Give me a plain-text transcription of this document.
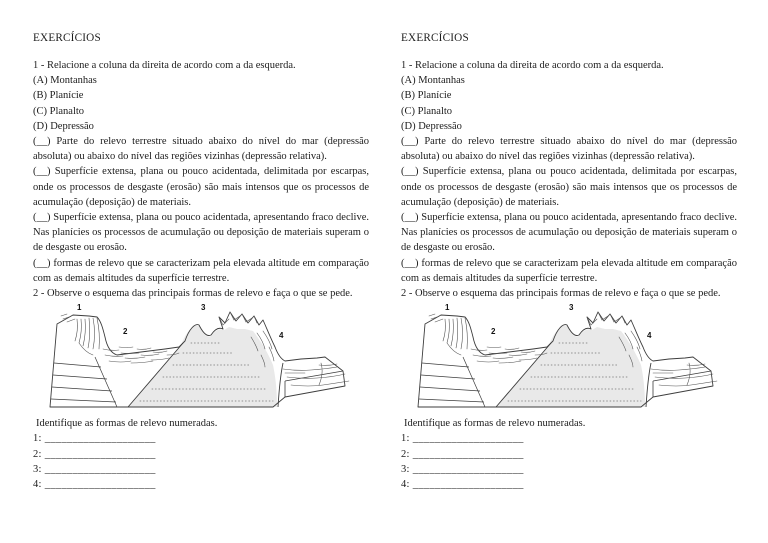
EXERCÍCIOS

1 - Relacione a coluna da direita de acordo com a da esquerda.

(A) Montanhas

(B) Planície

(C) Planalto

(D) Depressão

(__) Parte do relevo terrestre situado abaixo do nível do mar (depressão absoluta) ou abaixo do nível das regiões vizinhas (depressão relativa).

(__) Superfície extensa, plana ou pouco acidentada, delimitada por escarpas, onde os processos de desgaste (erosão) são mais intensos que os processos de acumulação (deposição) de materiais.

(__) Superfície extensa, plana ou pouco acidentada, apresentando fraco declive. Nas planícies os processos de acumulação ou deposição de materiais superam o de desgaste ou erosão.

(__) formas de relevo que se caracterizam pela elevada altitude em comparação com as demais altitudes da superfície terrestre.

2 - Observe o esquema das principais formas de relevo e faça o que se pede.

1
2
3
4

Identifique as formas de relevo numeradas.

1: ____________________

2: ____________________

3: ____________________

4: ____________________

EXERCÍCIOS

1 - Relacione a coluna da direita de acordo com a da esquerda.

(A) Montanhas

(B) Planície

(C) Planalto

(D) Depressão

(__) Parte do relevo terrestre situado abaixo do nível do mar (depressão absoluta) ou abaixo do nível das regiões vizinhas (depressão relativa).

(__) Superfície extensa, plana ou pouco acidentada, delimitada por escarpas, onde os processos de desgaste (erosão) são mais intensos que os processos de acumulação (deposição) de materiais.

(__) Superfície extensa, plana ou pouco acidentada, apresentando fraco declive. Nas planícies os processos de acumulação ou deposição de materiais superam o de desgaste ou erosão.

(__) formas de relevo que se caracterizam pela elevada altitude em comparação com as demais altitudes da superfície terrestre.

2 - Observe o esquema das principais formas de relevo e faça o que se pede.

1
2
3
4

Identifique as formas de relevo numeradas.

1: ____________________

2: ____________________

3: ____________________

4: ____________________
